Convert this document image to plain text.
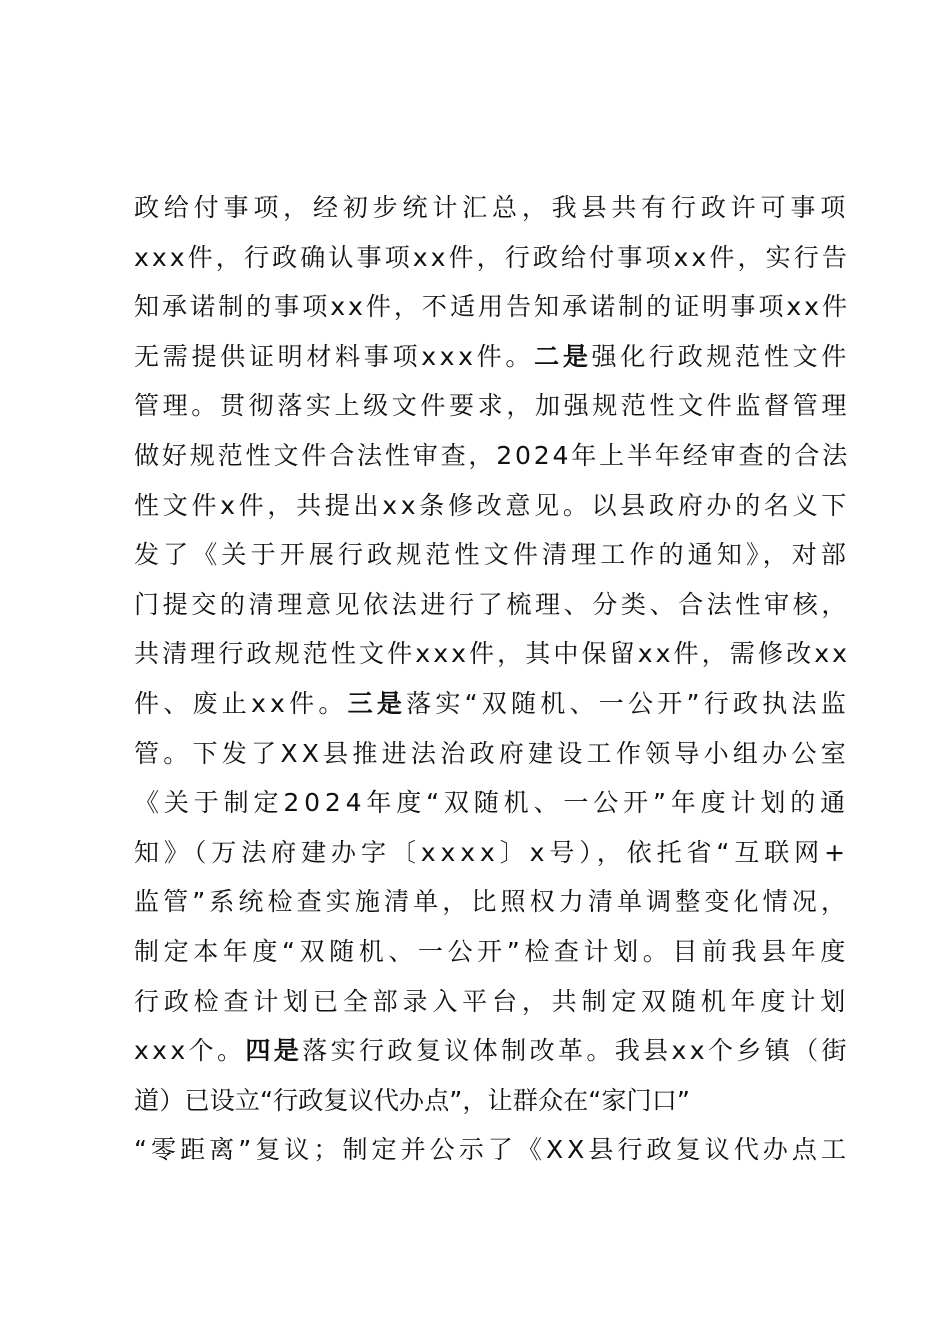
政给付事项，经初步统计汇总，我县共有行政许可事项
xxx件，行政确认事项xx件，行政给付事项xx件，实行告
知承诺制的事项xx件，不适用告知承诺制的证明事项xx件
无需提供证明材料事项xxx件。二是强化行政规范性文件
管理。贯彻落实上级文件要求，加强规范性文件监督管理
做好规范性文件合法性审查，2024年上半年经审查的合法
性文件x件，共提出xx条修改意见。以县政府办的名义下
发了《关于开展行政规范性文件清理工作的通知》，对部
门提交的清理意见依法进行了梳理、分类、合法性审核，
共清理行政规范性文件xxx件，其中保留xx件，需修改xx
件、废止xx件。三是落实“双随机、一公开”行政执法监
管。下发了XX县推进法治政府建设工作领导小组办公室
《关于制定2024年度“双随机、一公开”年度计划的通
知》（万法府建办字〔xxxx〕x号），依托省“互联网+
监管”系统检查实施清单，比照权力清单调整变化情况，
制定本年度“双随机、一公开”检查计划。目前我县年度
行政检查计划已全部录入平台，共制定双随机年度计划
xxx个。四是落实行政复议体制改革。我县xx个乡镇（街
道）已设立“行政复议代办点”，让群众在“家门口”
“零距离”复议；制定并公示了《XX县行政复议代办点工
